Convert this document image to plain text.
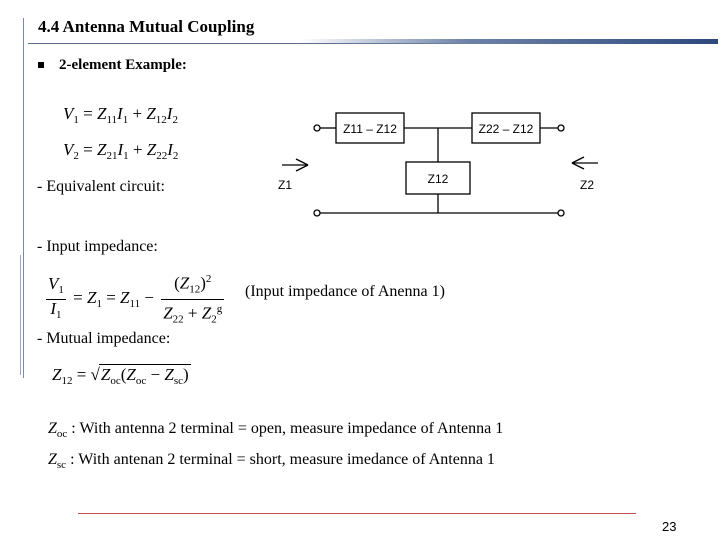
4.4 Antenna Mutual Coupling
2-element Example:
$V_1 = Z_{11}I_1 + Z_{12}I_2$
$V_2 = Z_{21}I_1 + Z_{22}I_2$
- Equivalent circuit:
Z11 – Z12	Z22 – Z12
Z12
Z1	Z2
- Input impedance:
$\frac{V_1}{I_1} = Z_1 = Z_{11} - \frac{(Z_{12})^2}{Z_{22} + Z_2^g}$ (Input impedance of Anenna 1)
- Mutual impedance:
$Z_{12} = √Z_{oc}(Z_{oc} - Z_{sc})$
$Z_{oc}$ : With antenna 2 terminal = open, measure impedance of Antenna 1
$Z_{sc}$ : With antenan 2 terminal = short, measure imedance of Antenna 1
23
